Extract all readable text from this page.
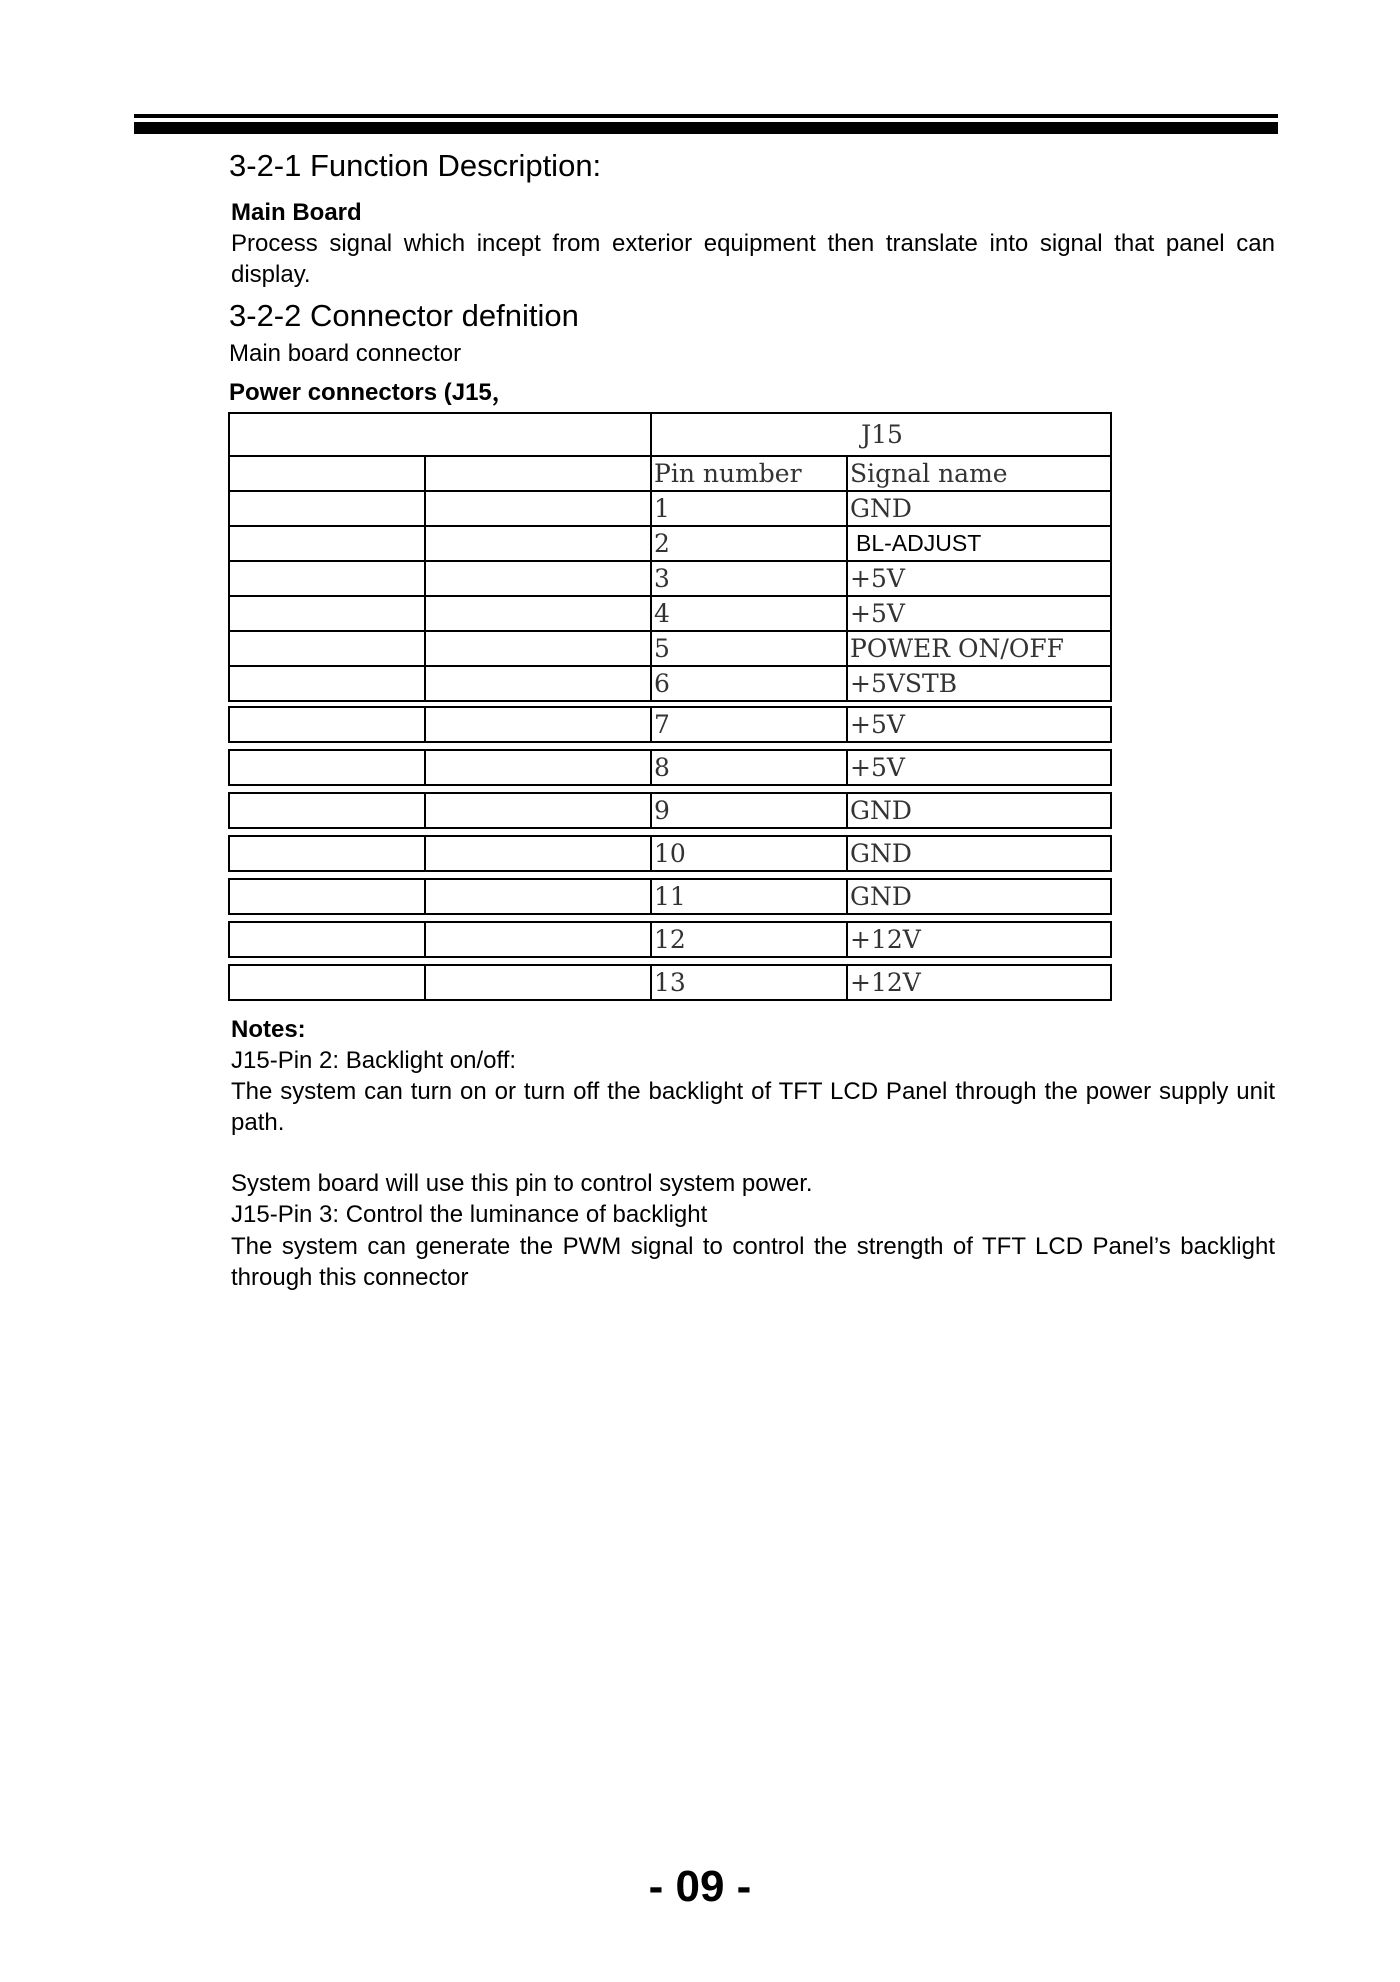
3-2-1 Function Description:
Main Board
Process signal which incept from exterior equipment then translate into signal that panel can display.
3-2-2 Connector defnition
Main board connector
Power connectors (J15，
J15
Pin number	Signal name
1	GND
2	BL-ADJUST
3	+5V
4	+5V
5	POWER ON/OFF
6	+5VSTB
7	+5V
8	+5V
9	GND
10	GND
11	GND
12	+12V
13	+12V
Notes:
J15-Pin 2: Backlight on/off:
The system can turn on or turn off the backlight of TFT LCD Panel through the power supply unit path.
System board will use this pin to control system power.
J15-Pin 3: Control the luminance of backlight
The system can generate the PWM signal to control the strength of TFT LCD Panel’s backlight through this connector
- 09 -
